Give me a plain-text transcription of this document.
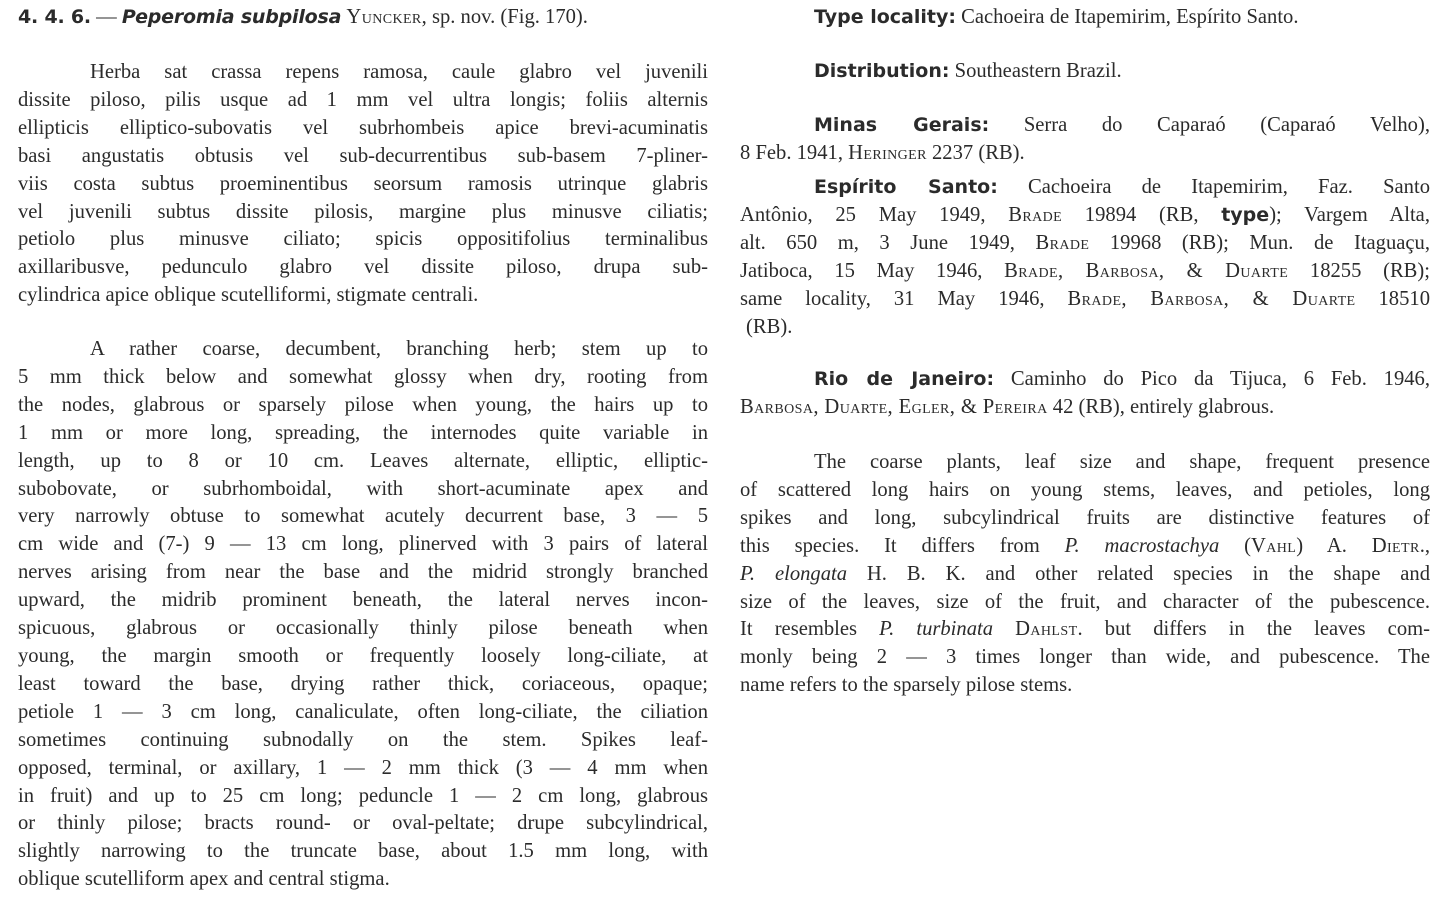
4. 4. 6. — Peperomia subpilosa Yuncker, sp. nov. (Fig. 170).
Herba sat crassa repens ramosa, caule glabro vel juvenili
dissite piloso, pilis usque ad 1 mm vel ultra longis; foliis alternis
ellipticis elliptico-subovatis vel subrhombeis apice brevi-acuminatis
basi angustatis obtusis vel sub-decurrentibus sub-basem 7-pliner-
viis costa subtus proeminentibus seorsum ramosis utrinque glabris
vel juvenili subtus dissite pilosis, margine plus minusve ciliatis;
petiolo plus minusve ciliato; spicis oppositifolius terminalibus
axillaribusve, pedunculo glabro vel dissite piloso, drupa sub-
cylindrica apice oblique scutelliformi, stigmate centrali.
A rather coarse, decumbent, branching herb; stem up to
5 mm thick below and somewhat glossy when dry, rooting from
the nodes, glabrous or sparsely pilose when young, the hairs up to
1 mm or more long, spreading, the internodes quite variable in
length, up to 8 or 10 cm. Leaves alternate, elliptic, elliptic-
subobovate, or subrhomboidal, with short-acuminate apex and
very narrowly obtuse to somewhat acutely decurrent base, 3 — 5
cm wide and (7-) 9 — 13 cm long, plinerved with 3 pairs of lateral
nerves arising from near the base and the midrid strongly branched
upward, the midrib prominent beneath, the lateral nerves incon-
spicuous, glabrous or occasionally thinly pilose beneath when
young, the margin smooth or frequently loosely long-ciliate, at
least toward the base, drying rather thick, coriaceous, opaque;
petiole 1 — 3 cm long, canaliculate, often long-ciliate, the ciliation
sometimes continuing subnodally on the stem. Spikes leaf-
opposed, terminal, or axillary, 1 — 2 mm thick (3 — 4 mm when
in fruit) and up to 25 cm long; peduncle 1 — 2 cm long, glabrous
or thinly pilose; bracts round- or oval-peltate; drupe subcylindrical,
slightly narrowing to the truncate base, about 1.5 mm long, with
oblique scutelliform apex and central stigma.
Type locality: Cachoeira de Itapemirim, Espírito Santo.
Distribution: Southeastern Brazil.
Minas Gerais: Serra do Caparaó (Caparaó Velho),
8 Feb. 1941, Heringer 2237 (RB).
Espírito Santo: Cachoeira de Itapemirim, Faz. Santo
Antônio, 25 May 1949, Brade 19894 (RB, type); Vargem Alta,
alt. 650 m, 3 June 1949, Brade 19968 (RB); Mun. de Itaguaçu,
Jatiboca, 15 May 1946, Brade, Barbosa, & Duarte 18255 (RB);
same locality, 31 May 1946, Brade, Barbosa, & Duarte 18510
(RB).
Rio de Janeiro: Caminho do Pico da Tijuca, 6 Feb. 1946,
Barbosa, Duarte, Egler, & Pereira 42 (RB), entirely glabrous.
The coarse plants, leaf size and shape, frequent presence
of scattered long hairs on young stems, leaves, and petioles, long
spikes and long, subcylindrical fruits are distinctive features of
this species. It differs from P. macrostachya (Vahl) A. Dietr.,
P. elongata H. B. K. and other related species in the shape and
size of the leaves, size of the fruit, and character of the pubescence.
It resembles P. turbinata Dahlst. but differs in the leaves com-
monly being 2 — 3 times longer than wide, and pubescence. The
name refers to the sparsely pilose stems.
